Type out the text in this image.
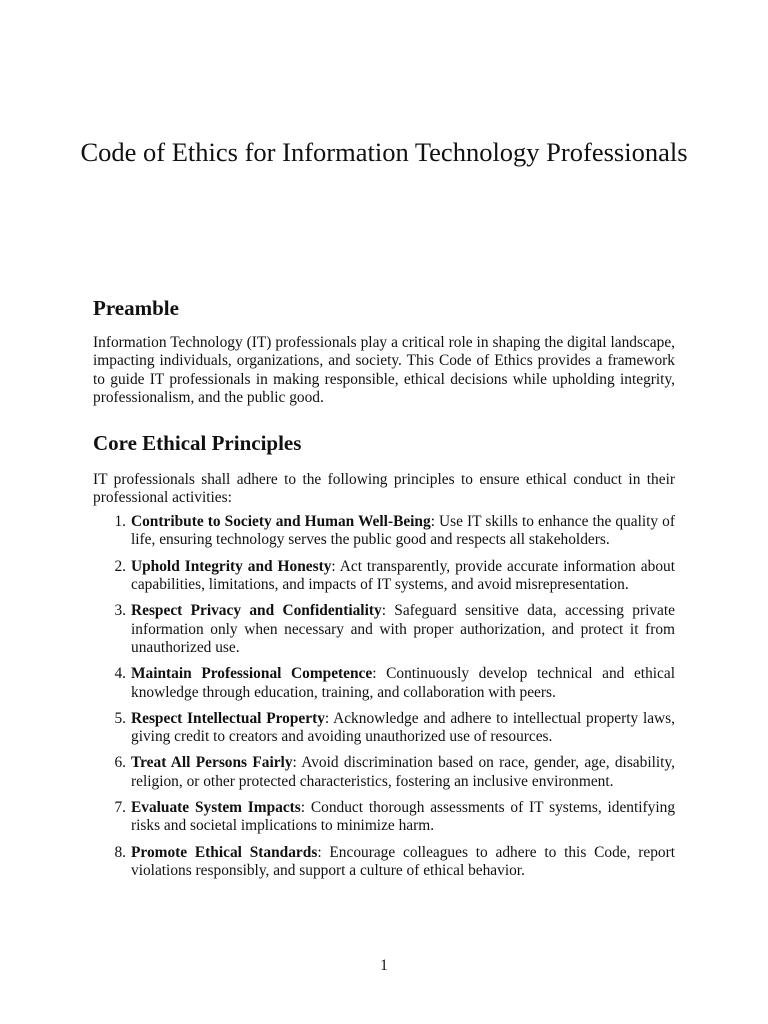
Code of Ethics for Information Technology Professionals
Preamble

Information Technology (IT) professionals play a critical role in shaping the digital landscape, impacting individuals, organizations, and society. This Code of Ethics provides a framework to guide IT professionals in making responsible, ethical decisions while upholding integrity, professionalism, and the public good.

Core Ethical Principles

IT professionals shall adhere to the following principles to ensure ethical conduct in their professional activities:

1. Contribute to Society and Human Well-Being: Use IT skills to enhance the quality of life, ensuring technology serves the public good and respects all stakeholders.
2. Uphold Integrity and Honesty: Act transparently, provide accurate information about capabilities, limitations, and impacts of IT systems, and avoid misrepresentation.
3. Respect Privacy and Confidentiality: Safeguard sensitive data, accessing private information only when necessary and with proper authorization, and protect it from unauthorized use.
4. Maintain Professional Competence: Continuously develop technical and ethical knowledge through education, training, and collaboration with peers.
5. Respect Intellectual Property: Acknowledge and adhere to intellectual property laws, giving credit to creators and avoiding unauthorized use of resources.
6. Treat All Persons Fairly: Avoid discrimination based on race, gender, age, disability, religion, or other protected characteristics, fostering an inclusive environment.
7. Evaluate System Impacts: Conduct thorough assessments of IT systems, identifying risks and societal implications to minimize harm.
8. Promote Ethical Standards: Encourage colleagues to adhere to this Code, report violations responsibly, and support a culture of ethical behavior.
1
